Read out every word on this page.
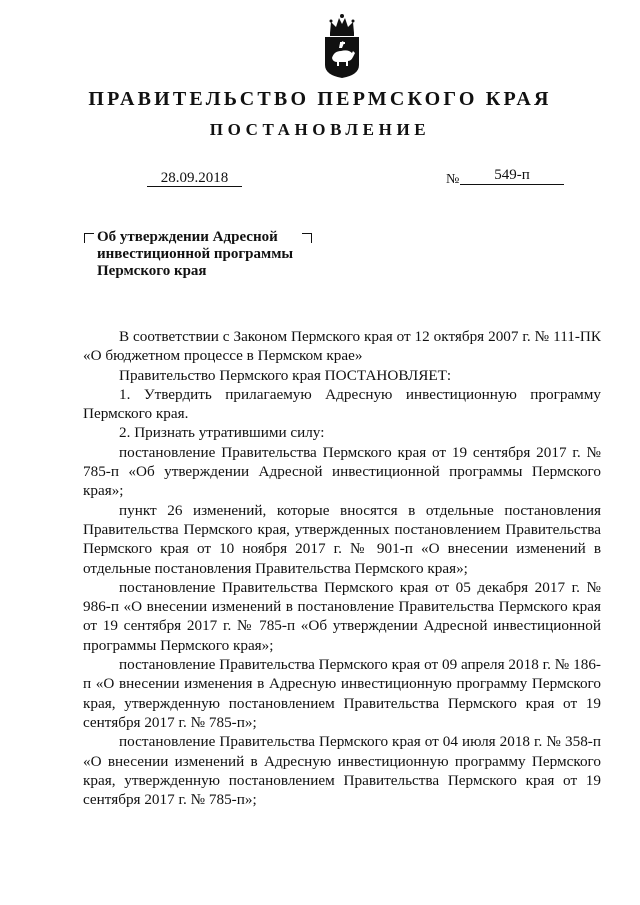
ПРАВИТЕЛЬСТВО ПЕРМСКОГО КРАЯ
ПОСТАНОВЛЕНИЕ
28.09.2018	№	549-п

Об утверждении Адресной инвестиционной программы Пермского края

В соответствии с Законом Пермского края от 12 октября 2007 г. № 111-ПК «О бюджетном процессе в Пермском крае»

Правительство Пермского края ПОСТАНОВЛЯЕТ:

1. Утвердить прилагаемую Адресную инвестиционную программу Пермского края.

2. Признать утратившими силу:

постановление Правительства Пермского края от 19 сентября 2017 г. № 785-п «Об утверждении Адресной инвестиционной программы Пермского края»;

пункт 26 изменений, которые вносятся в отдельные постановления Правительства Пермского края, утвержденных постановлением Правительства Пермского края от 10 ноября 2017 г. № 901-п «О внесении изменений в отдельные постановления Правительства Пермского края»;

постановление Правительства Пермского края от 05 декабря 2017 г. № 986-п «О внесении изменений в постановление Правительства Пермского края от 19 сентября 2017 г. № 785-п «Об утверждении Адресной инвестиционной программы Пермского края»;

постановление Правительства Пермского края от 09 апреля 2018 г. № 186-п «О внесении изменения в Адресную инвестиционную программу Пермского края, утвержденную постановлением Правительства Пермского края от 19 сентября 2017 г. № 785-п»;

постановление Правительства Пермского края от 04 июля 2018 г. № 358-п «О внесении изменений в Адресную инвестиционную программу Пермского края, утвержденную постановлением Правительства Пермского края от 19 сентября 2017 г. № 785-п»;
